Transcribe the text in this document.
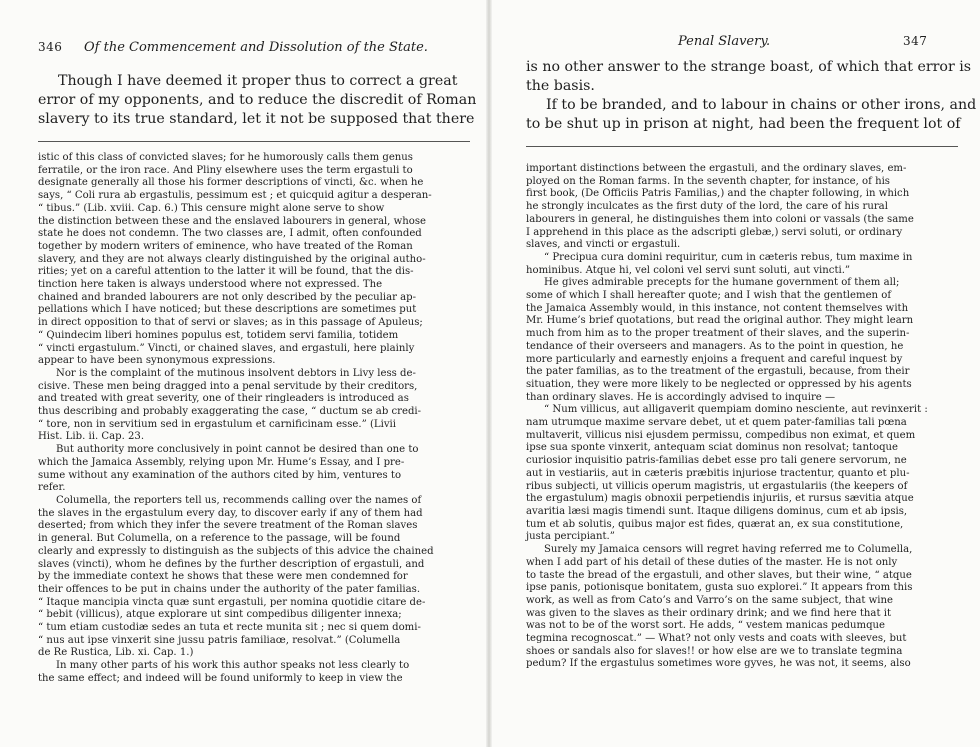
346 Of the Commencement and Dissolution of the State.
Though I have deemed it proper thus to correct a great
error of my opponents, and to reduce the discredit of Roman
slavery to its true standard, let it not be supposed that there
istic of this class of convicted slaves; for he humorously calls them genus
ferratile, or the iron race. And Pliny elsewhere uses the term ergastuli to
designate generally all those his former descriptions of vincti, &c. when he
says, “ Coli rura ab ergastulis, pessimum est ; et quicquid agitur a desperan-
“ tibus.” (Lib. xviii. Cap. 6.) This censure might alone serve to show
the distinction between these and the enslaved labourers in general, whose
state he does not condemn. The two classes are, I admit, often confounded
together by modern writers of eminence, who have treated of the Roman
slavery, and they are not always clearly distinguished by the original autho-
rities; yet on a careful attention to the latter it will be found, that the dis-
tinction here taken is always understood where not expressed. The
chained and branded labourers are not only described by the peculiar ap-
pellations which I have noticed; but these descriptions are sometimes put
in direct opposition to that of servi or slaves; as in this passage of Apuleus;
“ Quindecim liberi homines populus est, totidem servi familia, totidem
“ vincti ergastulum.” Vincti, or chained slaves, and ergastuli, here plainly
appear to have been synonymous expressions.
Nor is the complaint of the mutinous insolvent debtors in Livy less de-
cisive. These men being dragged into a penal servitude by their creditors,
and treated with great severity, one of their ringleaders is introduced as
thus describing and probably exaggerating the case, “ ductum se ab credi-
“ tore, non in servitium sed in ergastulum et carnificinam esse.” (Livii
Hist. Lib. ii. Cap. 23.
But authority more conclusively in point cannot be desired than one to
which the Jamaica Assembly, relying upon Mr. Hume’s Essay, and I pre-
sume without any examination of the authors cited by him, ventures to
refer.
Columella, the reporters tell us, recommends calling over the names of
the slaves in the ergastulum every day, to discover early if any of them had
deserted; from which they infer the severe treatment of the Roman slaves
in general. But Columella, on a reference to the passage, will be found
clearly and expressly to distinguish as the subjects of this advice the chained
slaves (vincti), whom he defines by the further description of ergastuli, and
by the immediate context he shows that these were men condemned for
their offences to be put in chains under the authority of the pater familias.
“ Itaque mancipia vincta quæ sunt ergastuli, per nomina quotidie citare de-
“ bebit (villicus), atque explorare ut sint compedibus diligenter innexa;
“ tum etiam custodiæ sedes an tuta et recte munita sit ; nec si quem domi-
“ nus aut ipse vinxerit sine jussu patris familiaœ, resolvat.” (Columella
de Re Rustica, Lib. xi. Cap. 1.)
In many other parts of his work this author speaks not less clearly to
the same effect; and indeed will be found uniformly to keep in view the
Penal Slavery.	347
is no other answer to the strange boast, of which that error is
the basis.
If to be branded, and to labour in chains or other irons, and
to be shut up in prison at night, had been the frequent lot of
important distinctions between the ergastuli, and the ordinary slaves, em-
ployed on the Roman farms. In the seventh chapter, for instance, of his
first book, (De Officiis Patris Familias,) and the chapter following, in which
he strongly inculcates as the first duty of the lord, the care of his rural
labourers in general, he distinguishes them into coloni or vassals (the same
I apprehend in this place as the adscripti glebæ,) servi soluti, or ordinary
slaves, and vincti or ergastuli.
“ Precipua cura domini requiritur, cum in cæteris rebus, tum maxime in
hominibus. Atque hi, vel coloni vel servi sunt soluti, aut vincti.”
He gives admirable precepts for the humane government of them all;
some of which I shall hereafter quote; and I wish that the gentlemen of
the Jamaica Assembly would, in this instance, not content themselves with
Mr. Hume’s brief quotations, but read the original author. They might learn
much from him as to the proper treatment of their slaves, and the superin-
tendance of their overseers and managers. As to the point in question, he
more particularly and earnestly enjoins a frequent and careful inquest by
the pater familias, as to the treatment of the ergastuli, because, from their
situation, they were more likely to be neglected or oppressed by his agents
than ordinary slaves. He is accordingly advised to inquire —
“ Num villicus, aut alligaverit quempiam domino nesciente, aut revinxerit :
nam utrumque maxime servare debet, ut et quem pater-familias tali pœna
multaverit, villicus nisi ejusdem permissu, compedibus non eximat, et quem
ipse sua sponte vinxerit, antequam sciat dominus non resolvat; tantoque
curiosior inquisitio patris-familias debet esse pro tali genere servorum, ne
aut in vestiariis, aut in cæteris præbitis injuriose tractentur, quanto et plu-
ribus subjecti, ut villicis operum magistris, ut ergastulariis (the keepers of
the ergastulum) magis obnoxii perpetiendis injuriis, et rursus sævitia atque
avaritia læsi magis timendi sunt. Itaque diligens dominus, cum et ab ipsis,
tum et ab solutis, quibus major est fides, quærat an, ex sua constitutione,
justa percipiant.”
Surely my Jamaica censors will regret having referred me to Columella,
when I add part of his detail of these duties of the master. He is not only
to taste the bread of the ergastuli, and other slaves, but their wine, “ atque
ipse panis, potionisque bonitatem, gusta suo explorei.” It appears from this
work, as well as from Cato’s and Varro’s on the same subject, that wine
was given to the slaves as their ordinary drink; and we find here that it
was not to be of the worst sort. He adds, “ vestem manicas pedumque
tegmina recognoscat.” — What? not only vests and coats with sleeves, but
shoes or sandals also for slaves!! or how else are we to translate tegmina
pedum? If the ergastulus sometimes wore gyves, he was not, it seems, also
